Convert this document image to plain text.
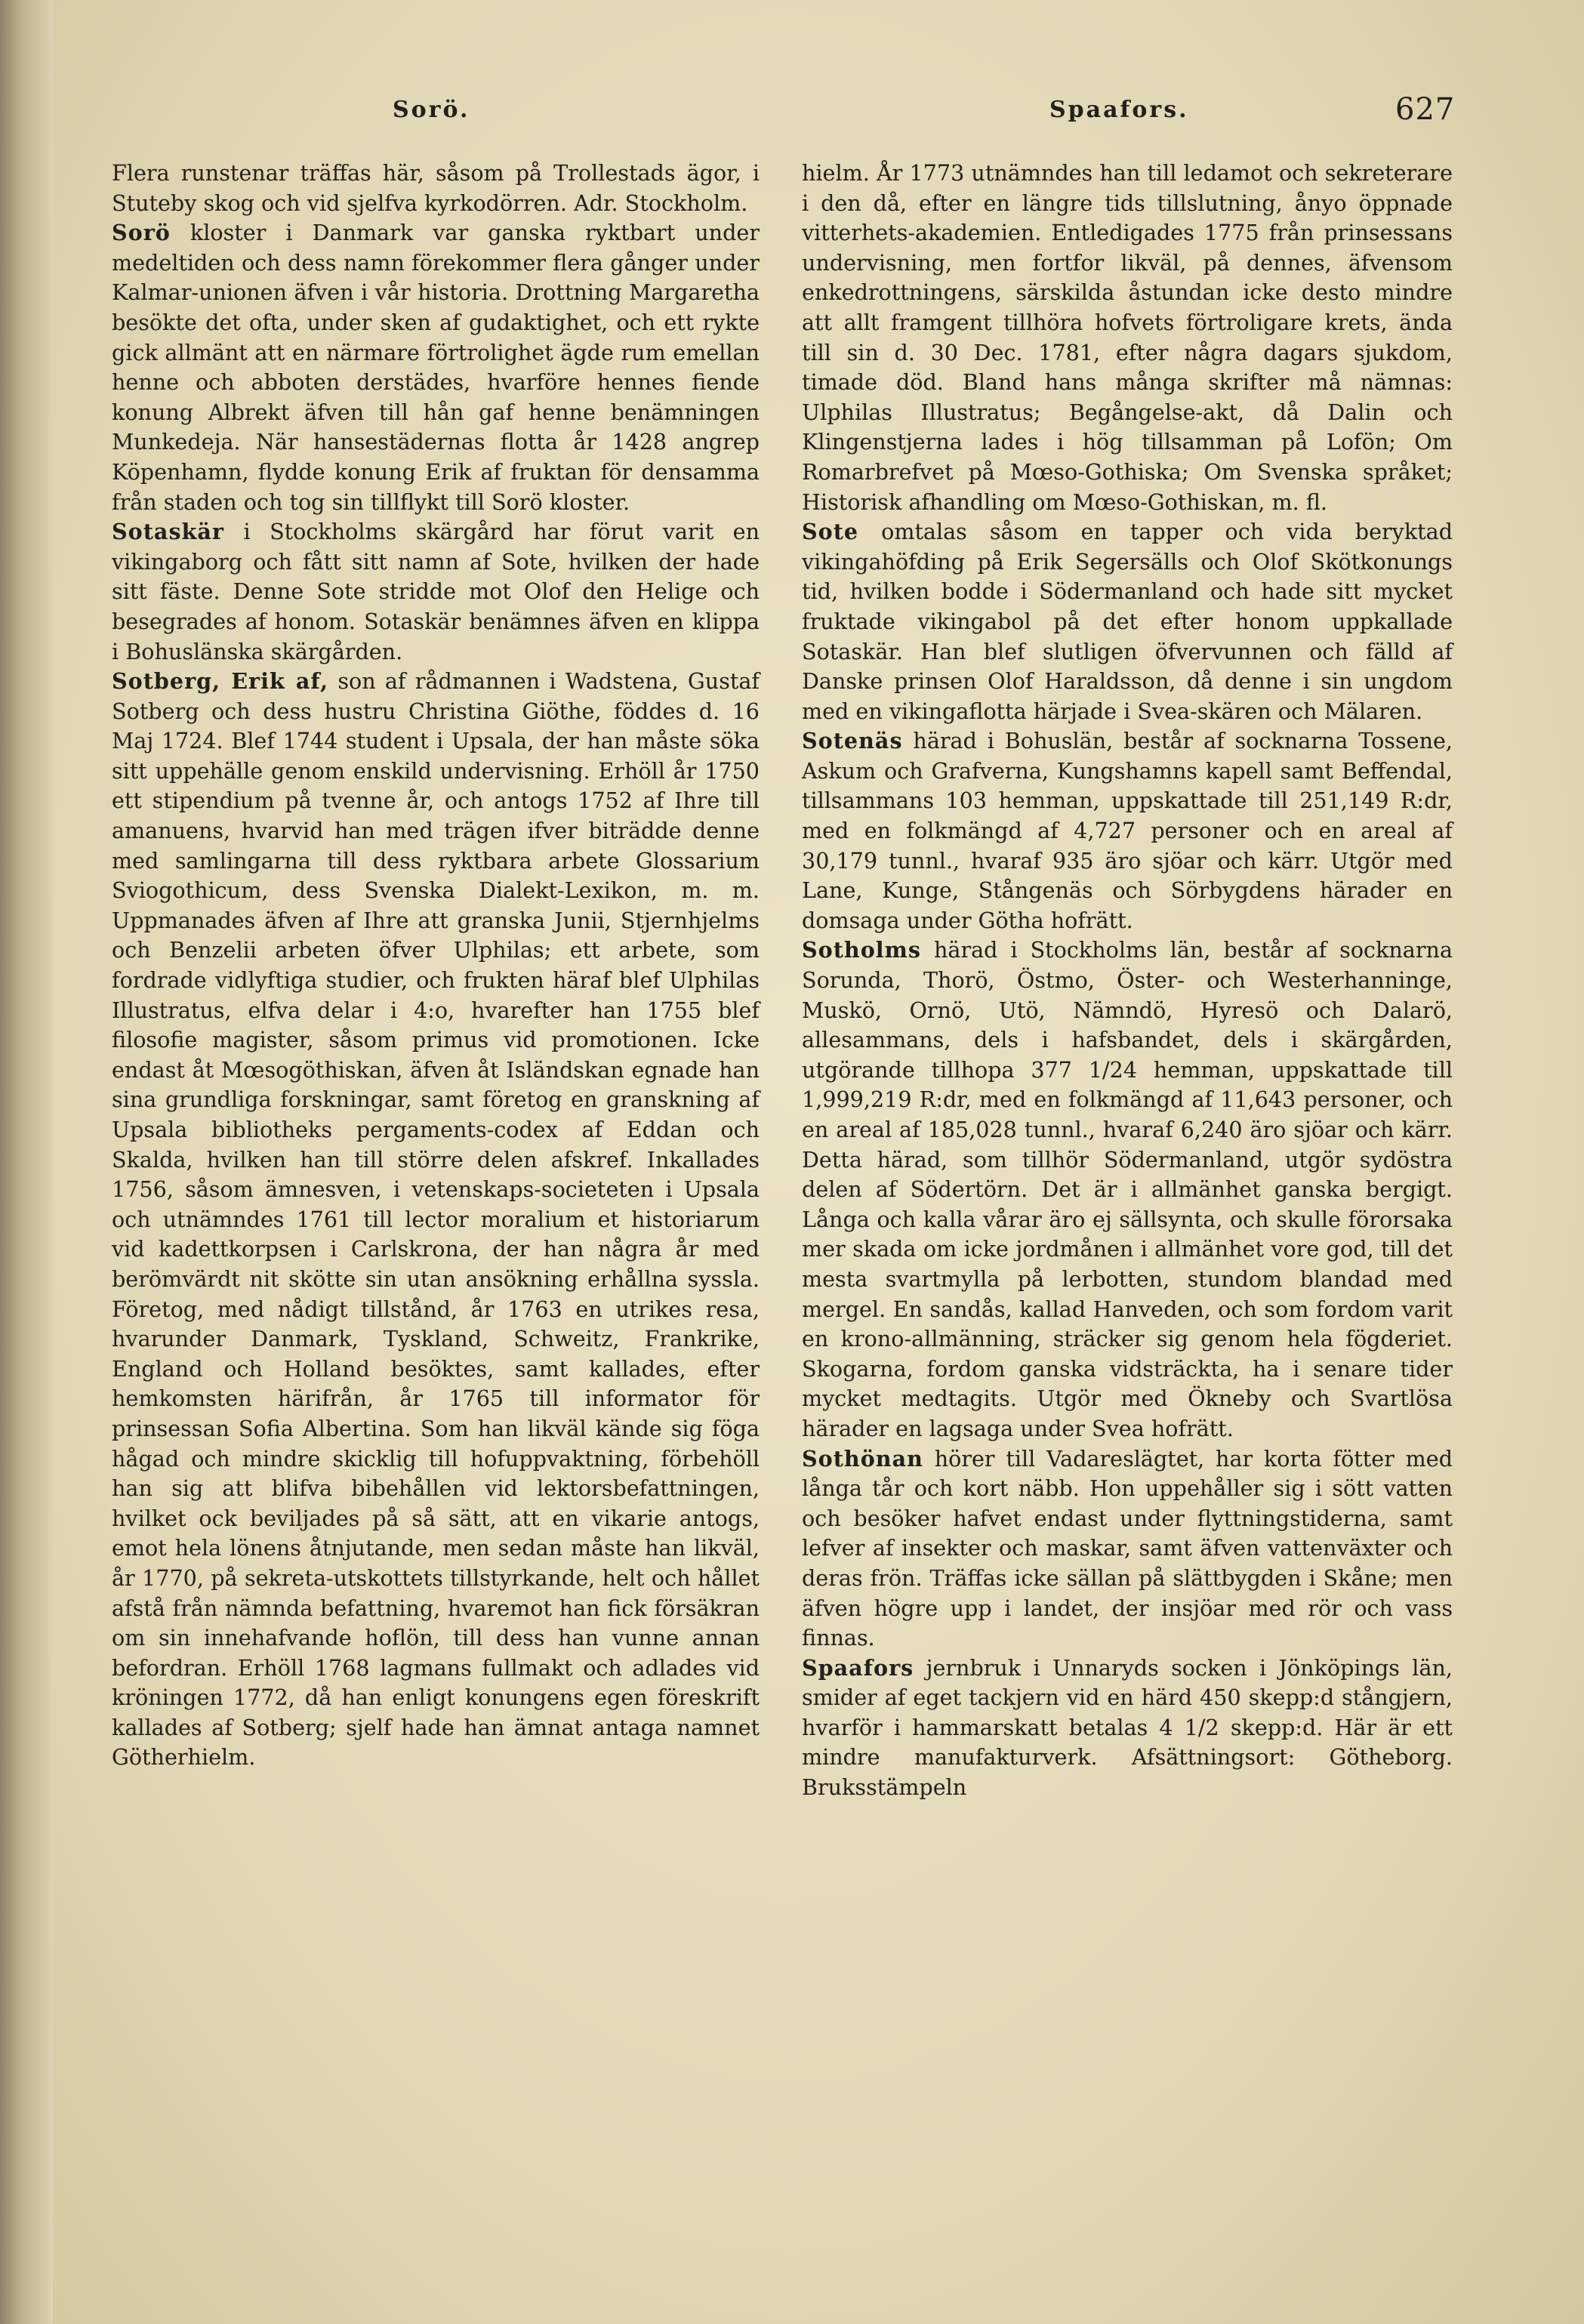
Sorö.	Spaafors.	627

Flera runstenar träffas här, såsom på Trollestads ägor, i Stuteby skog och vid sjelfva kyrkodörren. Adr. Stockholm.

Sorö kloster i Danmark var ganska ryktbart under medeltiden och dess namn förekommer flera gånger under Kalmar-unionen äfven i vår historia. Drottning Margaretha besökte det ofta, under sken af gudaktighet, och ett rykte gick allmänt att en närmare förtrolighet ägde rum emellan henne och abboten derstädes, hvarföre hennes fiende konung Albrekt äfven till hån gaf henne benämningen Munkedeja. När hansestädernas flotta år 1428 angrep Köpenhamn, flydde konung Erik af fruktan för densamma från staden och tog sin tillflykt till Sorö kloster.

Sotaskär i Stockholms skärgård har förut varit en vikingaborg och fått sitt namn af Sote, hvilken der hade sitt fäste. Denne Sote stridde mot Olof den Helige och besegrades af honom. Sotaskär benämnes äfven en klippa i Bohuslänska skärgården.

Sotberg, Erik af, son af rådmannen i Wadstena, Gustaf Sotberg och dess hustru Christina Giöthe, föddes d. 16 Maj 1724. Blef 1744 student i Upsala, der han måste söka sitt uppehälle genom enskild undervisning. Erhöll år 1750 ett stipendium på tvenne år, och antogs 1752 af Ihre till amanuens, hvarvid han med trägen ifver biträdde denne med samlingarna till dess ryktbara arbete Glossarium Sviogothicum, dess Svenska Dialekt-Lexikon, m. m. Uppmanades äfven af Ihre att granska Junii, Stjernhjelms och Benzelii arbeten öfver Ulphilas; ett arbete, som fordrade vidlyftiga studier, och frukten häraf blef Ulphilas Illustratus, elfva delar i 4:o, hvarefter han 1755 blef filosofie magister, såsom primus vid promotionen. Icke endast åt Mœsogöthiskan, äfven åt Isländskan egnade han sina grundliga forskningar, samt företog en granskning af Upsala bibliotheks pergaments-codex af Eddan och Skalda, hvilken han till större delen afskref. Inkallades 1756, såsom ämnesven, i vetenskaps-societeten i Upsala och utnämndes 1761 till lector moralium et historiarum vid kadettkorpsen i Carlskrona, der han några år med berömvärdt nit skötte sin utan ansökning erhållna syssla. Företog, med nådigt tillstånd, år 1763 en utrikes resa, hvarunder Danmark, Tyskland, Schweitz, Frankrike, England och Holland besöktes, samt kallades, efter hemkomsten härifrån, år 1765 till informator för prinsessan Sofia Albertina. Som han likväl kände sig föga hågad och mindre skicklig till hofuppvaktning, förbehöll han sig att blifva bibehållen vid lektorsbefattningen, hvilket ock beviljades på så sätt, att en vikarie antogs, emot hela lönens åtnjutande, men sedan måste han likväl, år 1770, på sekreta-utskottets tillstyrkande, helt och hållet afstå från nämnda befattning, hvaremot han fick försäkran om sin innehafvande hoflön, till dess han vunne annan befordran. Erhöll 1768 lagmans fullmakt och adlades vid kröningen 1772, då han enligt konungens egen föreskrift kallades af Sotberg; sjelf hade han ämnat antaga namnet Götherhielm.

hielm. År 1773 utnämndes han till ledamot och sekreterare i den då, efter en längre tids tillslutning, ånyo öppnade vitterhets-akademien. Entledigades 1775 från prinsessans undervisning, men fortfor likväl, på dennes, äfvensom enkedrottningens, särskilda åstundan icke desto mindre att allt framgent tillhöra hofvets förtroligare krets, ända till sin d. 30 Dec. 1781, efter några dagars sjukdom, timade död. Bland hans många skrifter må nämnas: Ulphilas Illustratus; Begångelse-akt, då Dalin och Klingenstjerna lades i hög tillsamman på Lofön; Om Romarbrefvet på Mœso-Gothiska; Om Svenska språket; Historisk afhandling om Mœso-Gothiskan, m. fl.

Sote omtalas såsom en tapper och vida beryktad vikingahöfding på Erik Segersälls och Olof Skötkonungs tid, hvilken bodde i Södermanland och hade sitt mycket fruktade vikingabol på det efter honom uppkallade Sotaskär. Han blef slutligen öfvervunnen och fälld af Danske prinsen Olof Haraldsson, då denne i sin ungdom med en vikingaflotta härjade i Svea-skären och Mälaren.

Sotenäs härad i Bohuslän, består af socknarna Tossene, Askum och Grafverna, Kungshamns kapell samt Beffendal, tillsammans 103 hemman, uppskattade till 251,149 R:dr, med en folkmängd af 4,727 personer och en areal af 30,179 tunnl., hvaraf 935 äro sjöar och kärr. Utgör med Lane, Kunge, Stångenäs och Sörbygdens härader en domsaga under Götha hofrätt.

Sotholms härad i Stockholms län, består af socknarna Sorunda, Thorö, Östmo, Öster- och Westerhanninge, Muskö, Ornö, Utö, Nämndö, Hyresö och Dalarö, allesammans, dels i hafsbandet, dels i skärgården, utgörande tillhopa 377 1/24 hemman, uppskattade till 1,999,219 R:dr, med en folkmängd af 11,643 personer, och en areal af 185,028 tunnl., hvaraf 6,240 äro sjöar och kärr. Detta härad, som tillhör Södermanland, utgör sydöstra delen af Södertörn. Det är i allmänhet ganska bergigt. Långa och kalla vårar äro ej sällsynta, och skulle förorsaka mer skada om icke jordmånen i allmänhet vore god, till det mesta svartmylla på lerbotten, stundom blandad med mergel. En sandås, kallad Hanveden, och som fordom varit en krono-allmänning, sträcker sig genom hela fögderiet. Skogarna, fordom ganska vidsträckta, ha i senare tider mycket medtagits. Utgör med Ökneby och Svartlösa härader en lagsaga under Svea hofrätt.

Sothönan hörer till Vadareslägtet, har korta fötter med långa tår och kort näbb. Hon uppehåller sig i sött vatten och besöker hafvet endast under flyttningstiderna, samt lefver af insekter och maskar, samt äfven vattenväxter och deras frön. Träffas icke sällan på slättbygden i Skåne; men äfven högre upp i landet, der insjöar med rör och vass finnas.

Spaafors jernbruk i Unnaryds socken i Jönköpings län, smider af eget tackjern vid en härd 450 skepp:d stångjern, hvarför i hammarskatt betalas 4 1/2 skepp:d. Här är ett mindre manufakturverk. Afsättningsort: Götheborg. Bruksstämpeln
